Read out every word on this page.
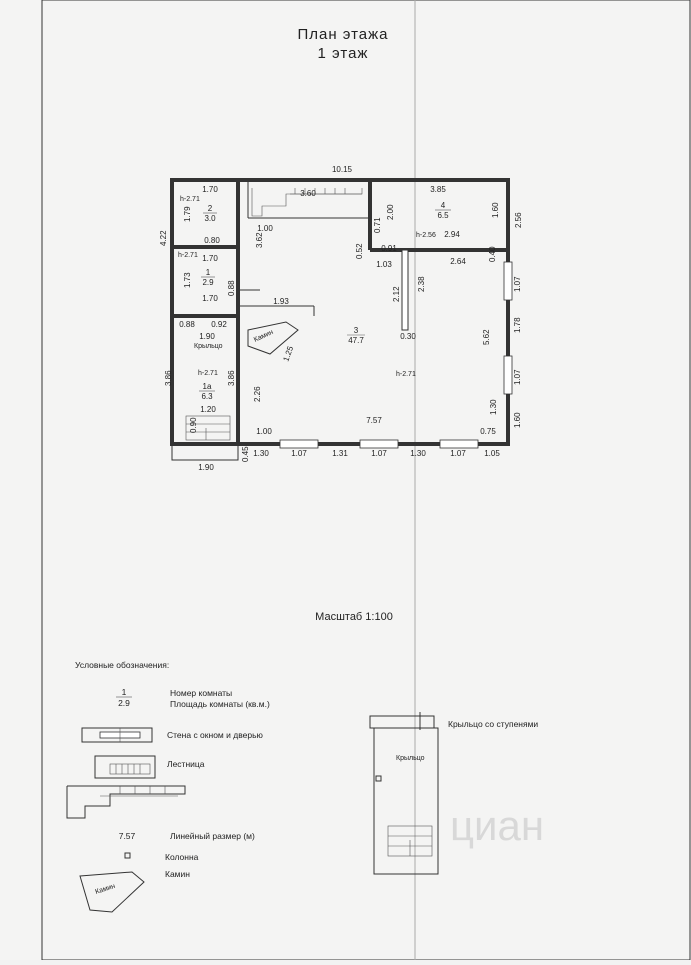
План этажа
1 этаж
Камин
2
3.0
h-2.71
1
2.9
h-2.71
Крыльцо
h-2.71
1а
6.3
3
47.7
h-2.71
4
6.5
h-2.56
10.15
4.22
1.70
1.79
0.80
1.70
1.73
1.70
0.88
3.60
3.62
1.00
3.85
2.00	1.60
2.94
0.71
0.91
0.52
1.03
2.56
2.64	0.40
1.07
1.78
1.07
1.60
2.12
2.38
0.30
1.93
5.62
0.88 0.92
1.90
3.86	3.86
1.20
0.90
1.90
0.45
1.25
2.26
7.57
1.00
1.30
0.75
1.30	1.07	1.31	1.07	1.30	1.07 1.05
Масштаб 1:100
Условные обозначения:
1
2.9
Номер комнаты
Площадь комнаты (кв.м.)
Стена с окном и дверью
Лестница
7.57	Линейный размер (м)
Колонна
Камин
Камин
Крыльцо
Крыльцо со ступенями
циан
